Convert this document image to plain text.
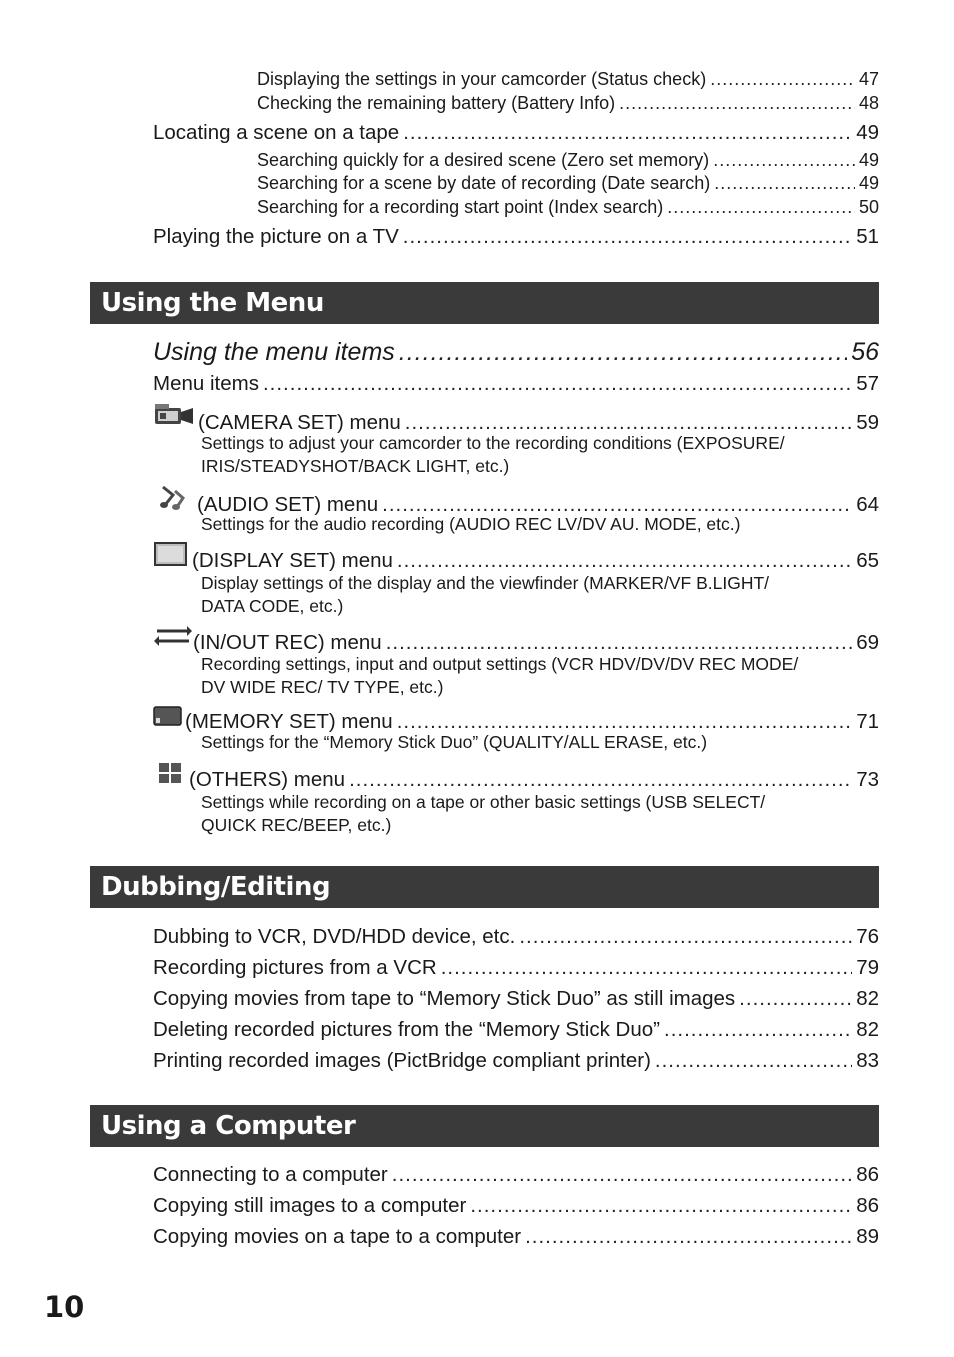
Displaying the settings in your camcorder (Status check) .....	47
Checking the remaining battery (Battery Info) .....	48
Locating a scene on a tape .....	49
Searching quickly for a desired scene (Zero set memory) .....	49
Searching for a scene by date of recording (Date search) .....	49
Searching for a recording start point (Index search) .....	50
Playing the picture on a TV .....	51
Using the Menu
Using the menu items .....	56
Menu items .....	57
(CAMERA SET) menu .....	59
Settings to adjust your camcorder to the recording conditions (EXPOSURE/
IRIS/STEADYSHOT/BACK LIGHT, etc.)
(AUDIO SET) menu .....	64
Settings for the audio recording (AUDIO REC LV/DV AU. MODE, etc.)
(DISPLAY SET) menu .....	65
Display settings of the display and the viewfinder (MARKER/VF B.LIGHT/
DATA CODE, etc.)
(IN/OUT REC) menu .....	69
Recording settings, input and output settings (VCR HDV/DV/DV REC MODE/
DV WIDE REC/ TV TYPE, etc.)
(MEMORY SET) menu .....	71
Settings for the “Memory Stick Duo” (QUALITY/ALL ERASE, etc.)
(OTHERS) menu .....	73
Settings while recording on a tape or other basic settings (USB SELECT/
QUICK REC/BEEP, etc.)
Dubbing/Editing
Dubbing to VCR, DVD/HDD device, etc. .....	76
Recording pictures from a VCR .....	79
Copying movies from tape to “Memory Stick Duo” as still images .....	82
Deleting recorded pictures from the “Memory Stick Duo” .....	82
Printing recorded images (PictBridge compliant printer) .....	83
Using a Computer
Connecting to a computer .....	86
Copying still images to a computer .....	86
Copying movies on a tape to a computer .....	89
10
